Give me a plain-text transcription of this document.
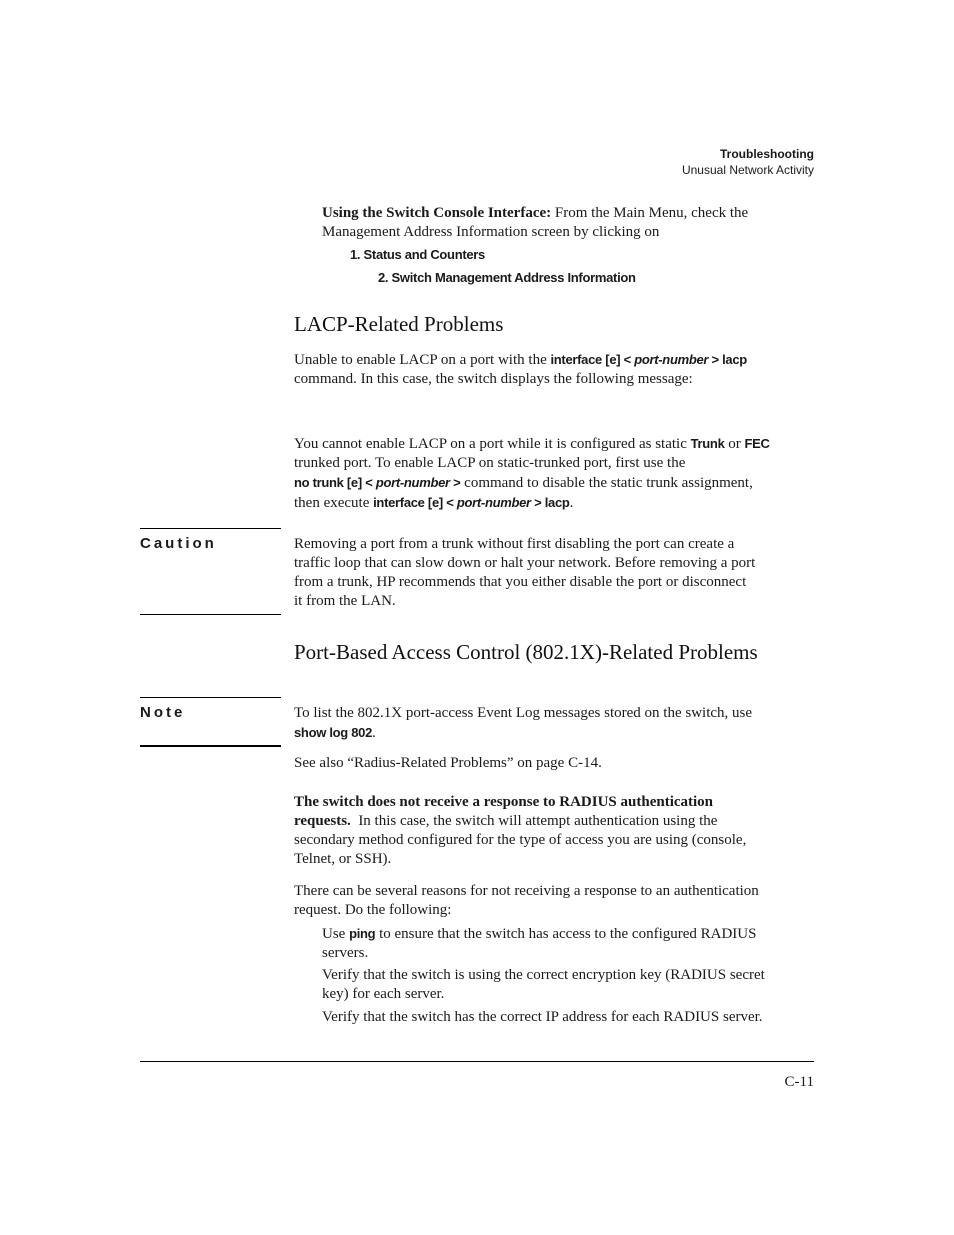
Troubleshooting
Unusual Network Activity

Using the Switch Console Interface: From the Main Menu, check the

Management Address Information screen by clicking on

1. Status and Counters
2. Switch Management Address Information
LACP-Related Problems

Unable to enable LACP on a port with the interface [e] < port-number > lacp

command. In this case, the switch displays the following message:

You cannot enable LACP on a port while it is configured as static Trunk or FEC

trunked port. To enable LACP on static-trunked port, first use the

no trunk [e] < port-number > command to disable the static trunk assignment,

then execute interface [e] < port-number > lacp.

Caution	Removing a port from a trunk without first disabling the port can create a

traffic loop that can slow down or halt your network. Before removing a port

from a trunk, HP recommends that you either disable the port or disconnect

it from the LAN.

Port-Based Access Control (802.1X)-Related Problems
Note	To list the 802.1X port-access Event Log messages stored on the switch, use

show log 802.

See also “Radius-Related Problems” on page C-14.

The switch does not receive a response to RADIUS authentication

requests.  In this case, the switch will attempt authentication using the

secondary method configured for the type of access you are using (console,

Telnet, or SSH).

There can be several reasons for not receiving a response to an authentication

request. Do the following:

Use ping to ensure that the switch has access to the configured RADIUS

servers.

Verify that the switch is using the correct encryption key (RADIUS secret

key) for each server.

Verify that the switch has the correct IP address for each RADIUS server.

C-11
